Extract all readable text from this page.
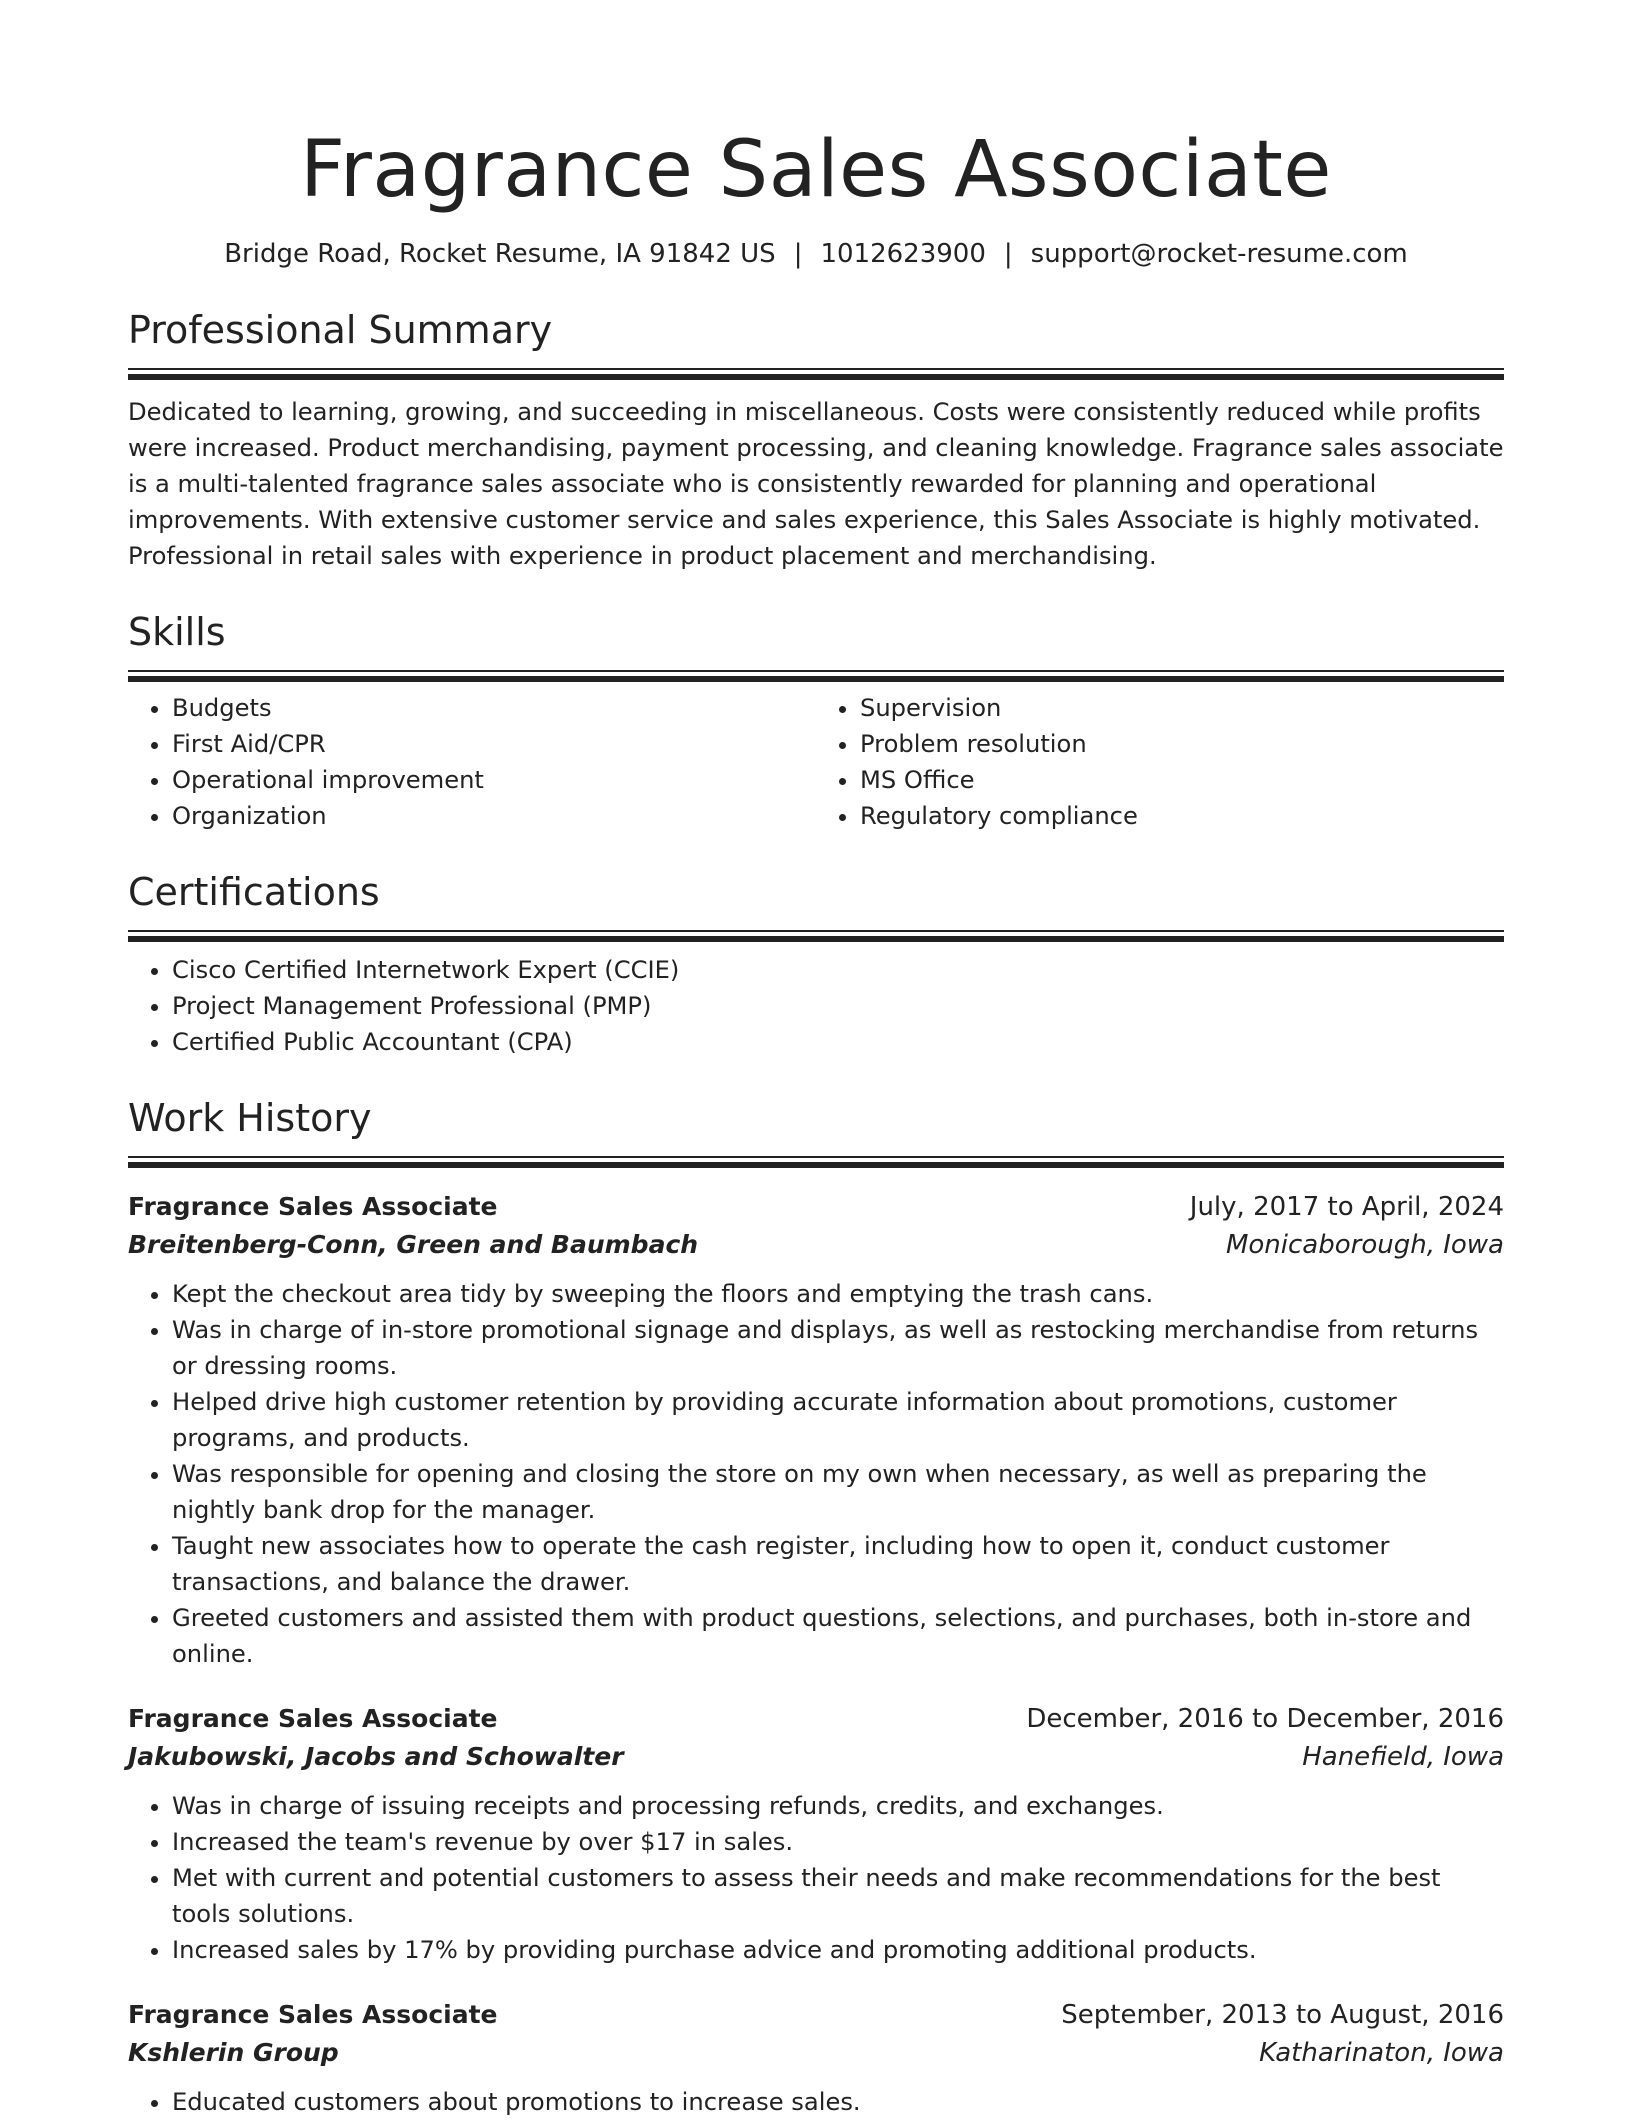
Fragrance Sales Associate
Bridge Road, Rocket Resume, IA 91842 US | 1012623900 | support@rocket-resume.com
Professional Summary

Dedicated to learning, growing, and succeeding in miscellaneous. Costs were consistently reduced while profits were increased. Product merchandising, payment processing, and cleaning knowledge. Fragrance sales associate is a multi-talented fragrance sales associate who is consistently rewarded for planning and operational improvements. With extensive customer service and sales experience, this Sales Associate is highly motivated. Professional in retail sales with experience in product placement and merchandising.

Skills
• Budgets
• First Aid/CPR
• Operational improvement
• Organization
• Supervision
• Problem resolution
• MS Office
• Regulatory compliance
Certifications
• Cisco Certified Internetwork Expert (CCIE)
• Project Management Professional (PMP)
• Certified Public Accountant (CPA)
Work History
Fragrance Sales Associate	July, 2017 to April, 2024
Breitenberg-Conn, Green and Baumbach	Monicaborough, Iowa
• Kept the checkout area tidy by sweeping the floors and emptying the trash cans.
• Was in charge of in-store promotional signage and displays, as well as restocking merchandise from returns or dressing rooms.
• Helped drive high customer retention by providing accurate information about promotions, customer programs, and products.
• Was responsible for opening and closing the store on my own when necessary, as well as preparing the nightly bank drop for the manager.
• Taught new associates how to operate the cash register, including how to open it, conduct customer transactions, and balance the drawer.
• Greeted customers and assisted them with product questions, selections, and purchases, both in-store and online.
Fragrance Sales Associate	December, 2016 to December, 2016
Jakubowski, Jacobs and Schowalter	Hanefield, Iowa
• Was in charge of issuing receipts and processing refunds, credits, and exchanges.
• Increased the team's revenue by over $17 in sales.
• Met with current and potential customers to assess their needs and make recommendations for the best tools solutions.
• Increased sales by 17% by providing purchase advice and promoting additional products.
Fragrance Sales Associate	September, 2013 to August, 2016
Kshlerin Group	Katharinaton, Iowa
• Educated customers about promotions to increase sales.
